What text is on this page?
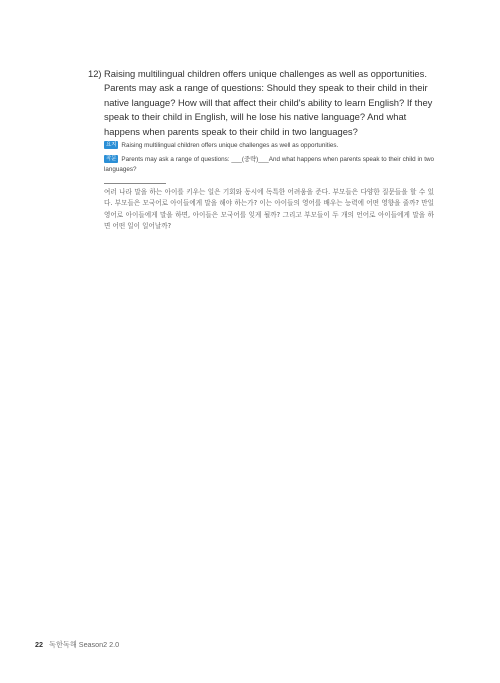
12) Raising multilingual children offers unique challenges as well as opportunities. Parents may ask a range of questions: Should they speak to their child in their native language? How will that affect their child's ability to learn English? If they speak to their child in English, will he lose his native language? And what happens when parents speak to their child in two languages?
요지 Raising multilingual children offers unique challenges as well as opportunities.
작문 Parents may ask a range of questions: ___(중략)___And what happens when parents speak to their child in two languages?
여러 나라 말을 하는 아이를 키우는 일은 기회와 동시에 독특한 어려움을 준다. 부모들은 다양한 질문들을 할 수 있다. 부모들은 모국어로 아이들에게 말을 해야 하는가? 이는 아이들의 영어를 배우는 능력에 어떤 영향을 줄까? 만일 영어로 아이들에게 말을 하면, 아이들은 모국어를 잊게 될까? 그리고 부모들이 두 개의 언어로 아이들에게 말을 하면 어떤 일이 일어날까?
22 독한독해 Season2 2.0
